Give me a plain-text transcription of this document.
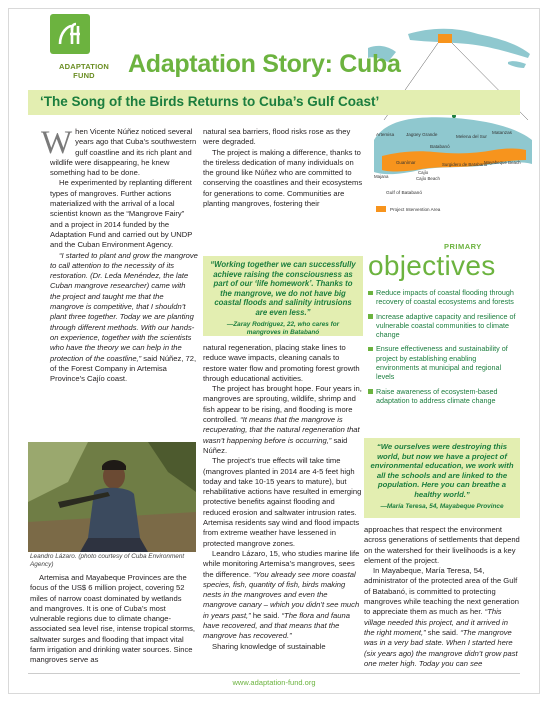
ADAPTATION FUND
Artemisa	Jagüey Grande	Melena del Sur
Matanzas
Batabanó
Guanímar
Majana
Cajío
Cajío Beach
Surgidero de Batabanó
Mayabeque Beach
Gulf of Batabanó
Project Intervention Area
Adaptation Story: Cuba
‘The Song of the Birds Returns to Cuba’s Gulf Coast’

When Vicente Núñez noticed several years ago that Cuba’s southwestern gulf coastline and its rich plant and wildlife were disappearing, he knew something had to be done.

He experimented by replanting different types of mangroves. Further actions materialized with the arrival of a local scientist known as the “Mangrove Fairy” and a project in 2014 funded by the Adaptation Fund and carried out by UNDP and the Cuban Environment Agency.

“I started to plant and grow the mangrove to call attention to the necessity of its restoration. (Dr. Leda Menéndez, the late Cuban mangrove researcher) came with the project and taught me that the mangrove is competitive, that I shouldn’t plant three together. Today we are planting through different methods. With our hands-on experience, together with the scientists who have the theory we can help in the protection of the coastline,” said Núñez, 72, of the Forest Company in Artemisa Province’s Cajío coast.

Leandro Lázaro. (photo courtesy of Cuba Environment Agency)

Artemisa and Mayabeque Provinces are the focus of the US$ 6 million project, covering 52 miles of narrow coast dominated by wetlands and mangroves. It is one of Cuba’s most vulnerable regions due to climate change-associated sea level rise, intense tropical storms, saltwater surges and flooding that impact vital farm irrigation and drinking water sources. Since mangroves serve as

natural sea barriers, flood risks rose as they were degraded.

The project is making a difference, thanks to the tireless dedication of many individuals on the ground like Núñez who are committed to conserving the coastlines and their ecosystems for generations to come. Communities are planting mangroves, fostering their

“Working together we can successfully achieve raising the consciousness as part of our ‘life homework’. Thanks to the mangrove, we do not have big coastal floods and salinity intrusions are even less.”
—Zaray Rodríguez, 22, who cares for mangroves in Batabanó

natural regeneration, placing stake lines to reduce wave impacts, cleaning canals to restore water flow and promoting forest growth through educational activities.

The project has brought hope. Four years in, mangroves are sprouting, wildlife, shrimp and fish appear to be rising, and flooding is more controlled. “It means that the mangrove is recuperating, that the natural regeneration that wasn’t happening before is occurring,” said Núñez.

The project’s true effects will take time (mangroves planted in 2014 are 4-5 feet high today and take 10-15 years to mature), but rehabilitative actions have resulted in emerging protective benefits against flooding and reduced erosion and saltwater intrusion rates. Artemisa residents say wind and flood impacts from extreme weather have lessened in protected mangrove zones.

Leandro Lázaro, 15, who studies marine life while monitoring Artemisa’s mangroves, sees the difference. “You already see more coastal species, fish, quantity of fish, birds making nests in the mangroves and even the mangrove canary – which you didn’t see much in years past,” he said. “The flora and fauna have recovered, and that means that the mangrove has recovered.”

Sharing knowledge of sustainable

PRIMARY
objectives
Reduce impacts of coastal flooding through recovery of coastal ecosystems and forests
Increase adaptive capacity and resilience of vulnerable coastal communities to climate change
Ensure effectiveness and sustainability of project by establishing enabling environments at municipal and regional levels
Raise awareness of ecosystem-based adaptation to address climate change
“We ourselves were destroying this world, but now we have a project of environmental education, we work with all the schools and are linked to the population. Here you can breathe a healthy world.”
—María Teresa, 54, Mayabeque Province

approaches that respect the environment across generations of settlements that depend on the watershed for their livelihoods is a key element of the project.

In Mayabeque, María Teresa, 54, administrator of the protected area of the Gulf of Batabanó, is committed to protecting mangroves while teaching the next generation to appreciate them as much as her. “This village needed this project, and it arrived in the right moment,” she said. “The mangrove was in a very bad state. When I started here (six years ago) the mangrove didn’t grow past one meter high. Today you can see

www.adaptation-fund.org
